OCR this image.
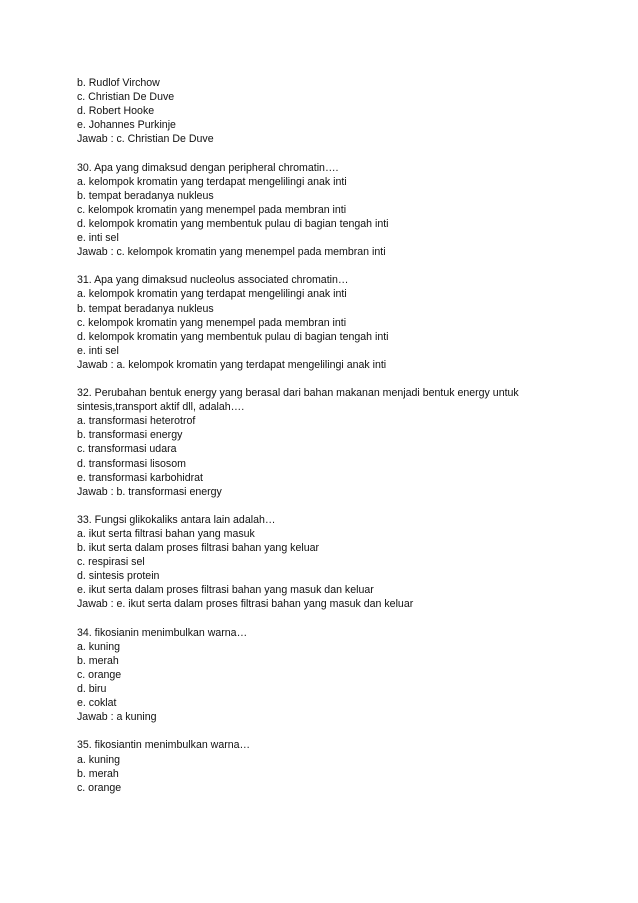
b. Rudlof Virchow
c. Christian De Duve
d. Robert Hooke
e. Johannes Purkinje
Jawab : c. Christian De Duve
30. Apa yang dimaksud dengan peripheral chromatin….
a. kelompok kromatin yang terdapat mengelilingi anak inti
b. tempat beradanya nukleus
c. kelompok kromatin yang menempel pada membran inti
d. kelompok kromatin yang membentuk pulau di bagian tengah inti
e. inti sel
Jawab : c. kelompok kromatin yang menempel pada membran inti
31. Apa yang dimaksud nucleolus associated chromatin…
a. kelompok kromatin yang terdapat mengelilingi anak inti
b. tempat beradanya nukleus
c. kelompok kromatin yang menempel pada membran inti
d. kelompok kromatin yang membentuk pulau di bagian tengah inti
e. inti sel
Jawab : a. kelompok kromatin yang terdapat mengelilingi anak inti
32. Perubahan bentuk energy yang berasal dari bahan makanan menjadi bentuk energy untuk sintesis,transport aktif dll, adalah….
a. transformasi heterotrof
b. transformasi energy
c. transformasi udara
d. transformasi lisosom
e. transformasi karbohidrat
Jawab : b. transformasi energy
33. Fungsi glikokaliks antara lain adalah…
a. ikut serta filtrasi bahan yang masuk
b. ikut serta dalam proses filtrasi bahan yang keluar
c. respirasi sel
d. sintesis protein
e. ikut serta dalam proses filtrasi bahan yang masuk dan keluar
Jawab : e. ikut serta dalam proses filtrasi bahan yang masuk dan keluar
34. fikosianin menimbulkan warna…
a. kuning
b. merah
c. orange
d. biru
e. coklat
Jawab : a kuning
35. fikosiantin menimbulkan warna…
a. kuning
b. merah
c. orange
